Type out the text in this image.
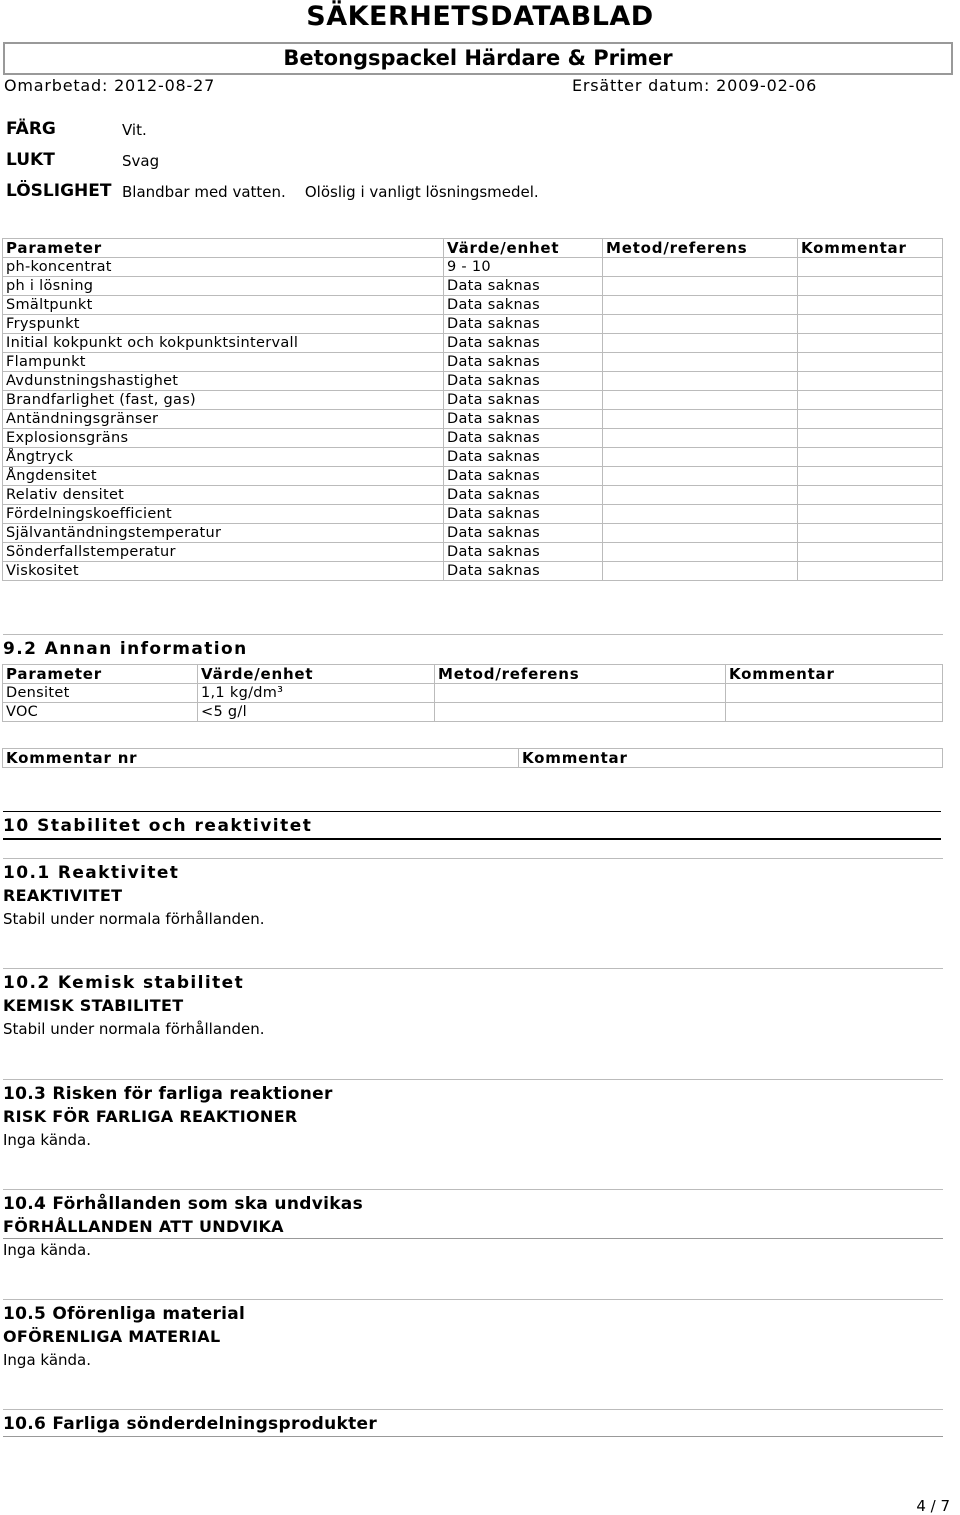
SÄKERHETSDATABLAD
Betongspackel Härdare & Primer
Omarbetad: 2012-08-27	Ersätter datum: 2009-02-06
FÄRG	Vit.
LUKT	Svag
LÖSLIGHET Blandbar med vatten.    Olöslig i vanligt lösningsmedel.
Parameter	Värde/enhet	Metod/referens	Kommentar
ph-koncentrat	9 - 10		
ph i lösning	Data saknas		
Smältpunkt	Data saknas		
Fryspunkt	Data saknas		
Initial kokpunkt och kokpunktsintervall	Data saknas		
Flampunkt	Data saknas		
Avdunstningshastighet	Data saknas		
Brandfarlighet (fast, gas)	Data saknas		
Antändningsgränser	Data saknas		
Explosionsgräns	Data saknas		
Ångtryck	Data saknas		
Ångdensitet	Data saknas		
Relativ densitet	Data saknas		
Fördelningskoefficient	Data saknas		
Självantändningstemperatur	Data saknas		
Sönderfallstemperatur	Data saknas		
Viskositet	Data saknas		
9.2 Annan information
Parameter	Värde/enhet	Metod/referens	Kommentar
Densitet	1,1 kg/dm³		
VOC	<5 g/l		
Kommentar nr	Kommentar
10 Stabilitet och reaktivitet
10.1 Reaktivitet
REAKTIVITET
Stabil under normala förhållanden.
10.2 Kemisk stabilitet
KEMISK STABILITET
Stabil under normala förhållanden.
10.3 Risken för farliga reaktioner
RISK FÖR FARLIGA REAKTIONER
Inga kända.
10.4 Förhållanden som ska undvikas
FÖRHÅLLANDEN ATT UNDVIKA
Inga kända.
10.5 Oförenliga material
OFÖRENLIGA MATERIAL
Inga kända.
10.6 Farliga sönderdelningsprodukter
4 / 7
